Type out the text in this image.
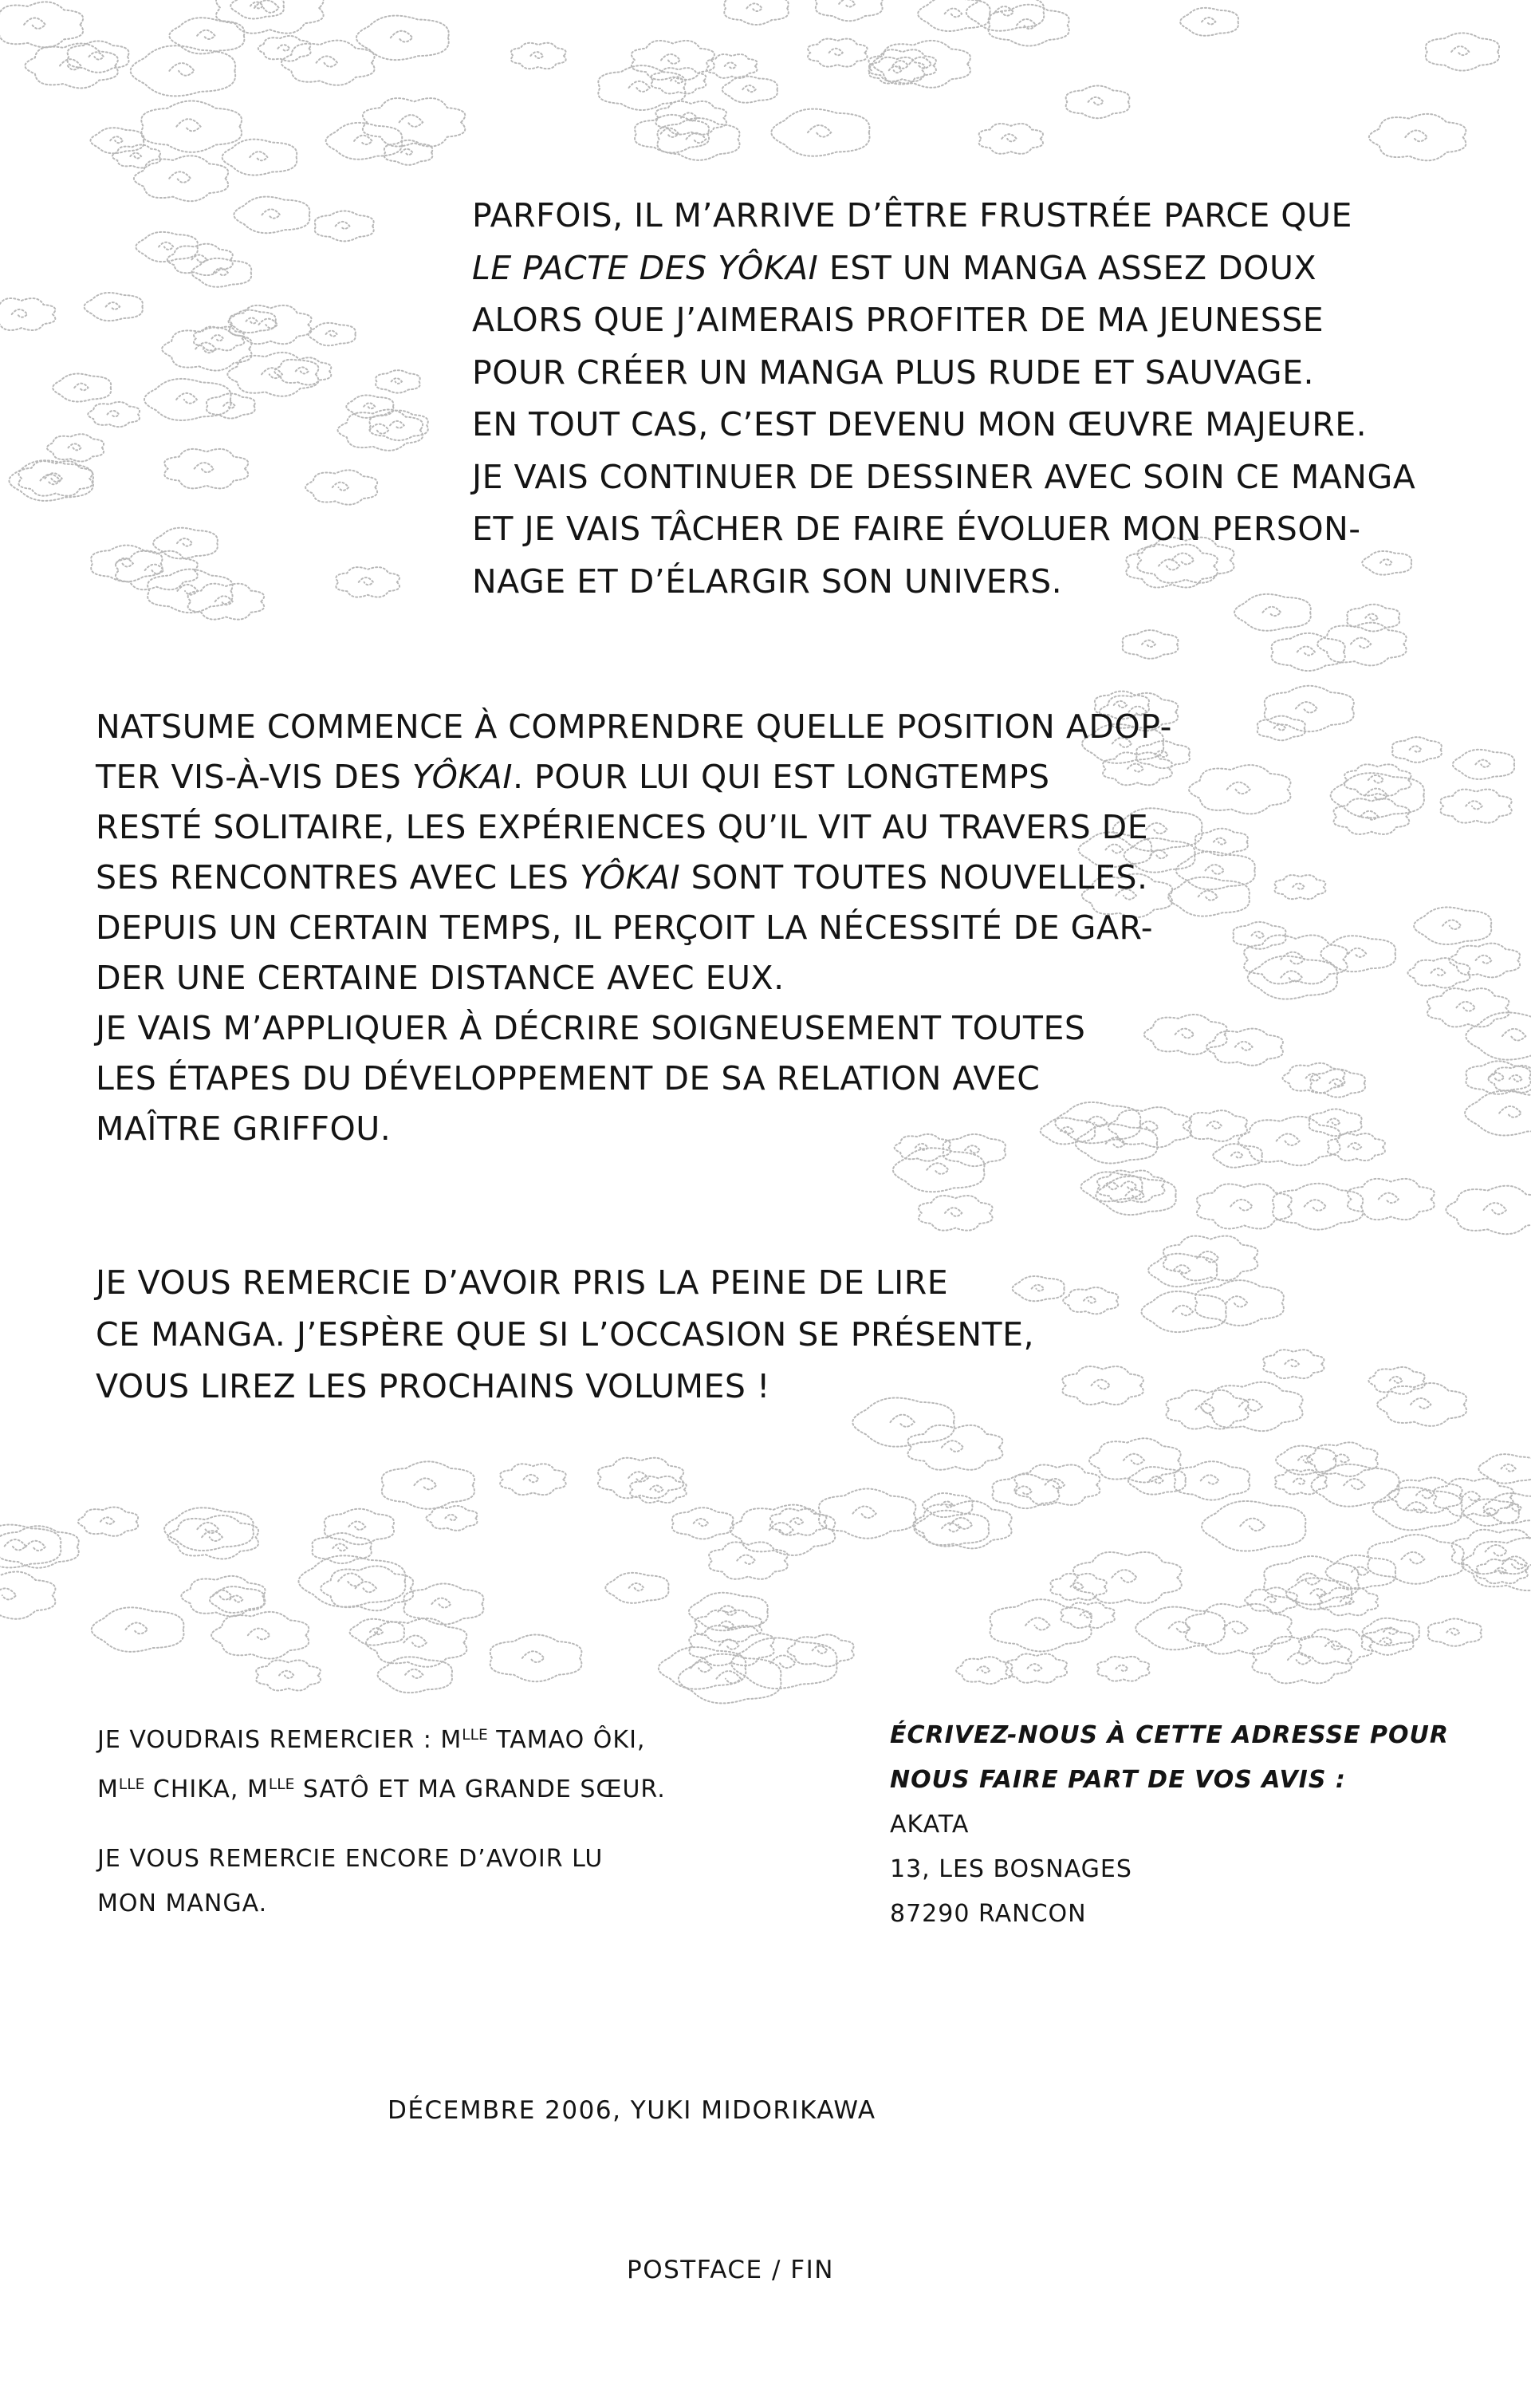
PARFOIS, IL M’ARRIVE D’ÊTRE FRUSTRÉE PARCE QUE
LE PACTE DES YÔKAI EST UN MANGA ASSEZ DOUX
ALORS QUE J’AIMERAIS PROFITER DE MA JEUNESSE
POUR CRÉER UN MANGA PLUS RUDE ET SAUVAGE.
EN TOUT CAS, C’EST DEVENU MON ŒUVRE MAJEURE.
JE VAIS CONTINUER DE DESSINER AVEC SOIN CE MANGA
ET JE VAIS TÂCHER DE FAIRE ÉVOLUER MON PERSON-
NAGE ET D’ÉLARGIR SON UNIVERS.
NATSUME COMMENCE À COMPRENDRE QUELLE POSITION ADOP-
TER VIS-À-VIS DES YÔKAI. POUR LUI QUI EST LONGTEMPS
RESTÉ SOLITAIRE, LES EXPÉRIENCES QU’IL VIT AU TRAVERS DE
SES RENCONTRES AVEC LES YÔKAI SONT TOUTES NOUVELLES.
DEPUIS UN CERTAIN TEMPS, IL PERÇOIT LA NÉCESSITÉ DE GAR-
DER UNE CERTAINE DISTANCE AVEC EUX.
JE VAIS M’APPLIQUER À DÉCRIRE SOIGNEUSEMENT TOUTES
LES ÉTAPES DU DÉVELOPPEMENT DE SA RELATION AVEC
MAÎTRE GRIFFOU.
JE VOUS REMERCIE D’AVOIR PRIS LA PEINE DE LIRE
CE MANGA. J’ESPÈRE QUE SI L’OCCASION SE PRÉSENTE,
VOUS LIREZ LES PROCHAINS VOLUMES !
JE VOUDRAIS REMERCIER : $M^{LLE}$ TAMAO ÔKI,
$M^{LLE}$ CHIKA, $M^{LLE}$ SATÔ ET MA GRANDE SŒUR.
JE VOUS REMERCIE ENCORE D’AVOIR LU
MON MANGA.
ÉCRIVEZ-NOUS À CETTE ADRESSE POUR
NOUS FAIRE PART DE VOS AVIS :
AKATA
13, LES BOSNAGES
87290 RANCON
DÉCEMBRE 2006, YUKI MIDORIKAWA
POSTFACE / FIN
